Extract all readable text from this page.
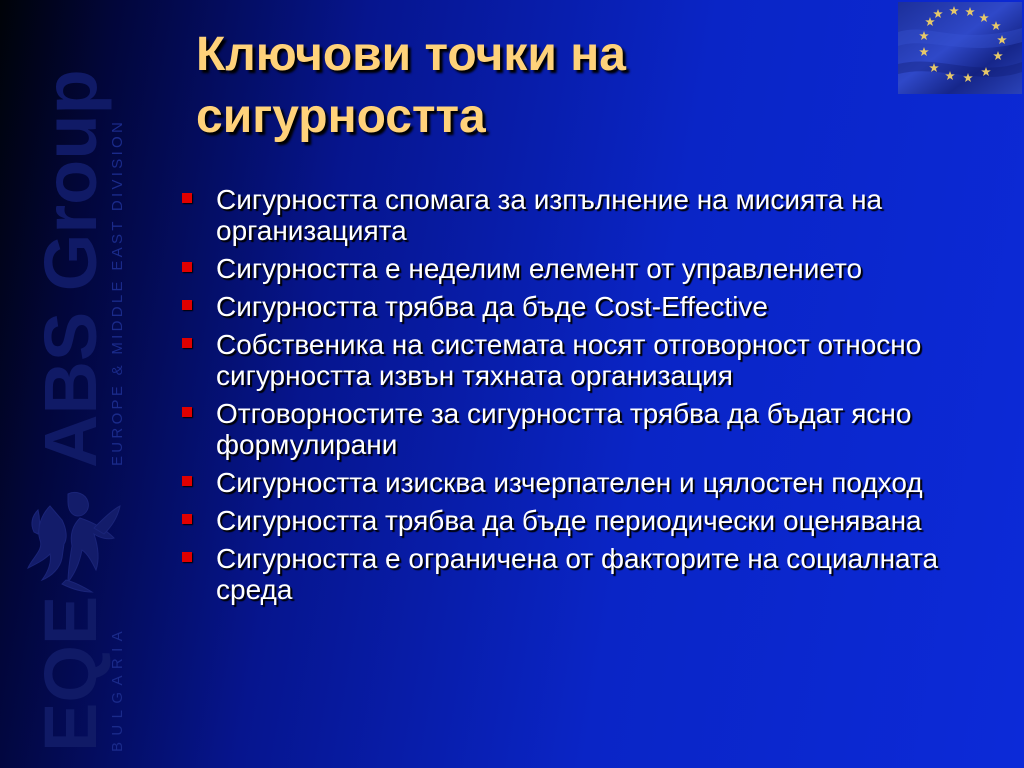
ABS Group
EUROPE & MIDDLE EAST DIVISION
EQE
BULGARIA
Ключови точки на сигурността
Сигурността спомага за изпълнение на мисията на организацията
Сигурността е неделим елемент от управлението
Сигурността трябва да бъде Cost-Effective
Собственика на системата носят отговорност относно сигурността извън тяхната организация
Отговорностите за сигурността трябва да бъдат ясно формулирани
Сигурността изисква изчерпателен и цялостен подход
Сигурността трябва да бъде периодически оценявана
Сигурността е ограничена от факторите на социалната среда
